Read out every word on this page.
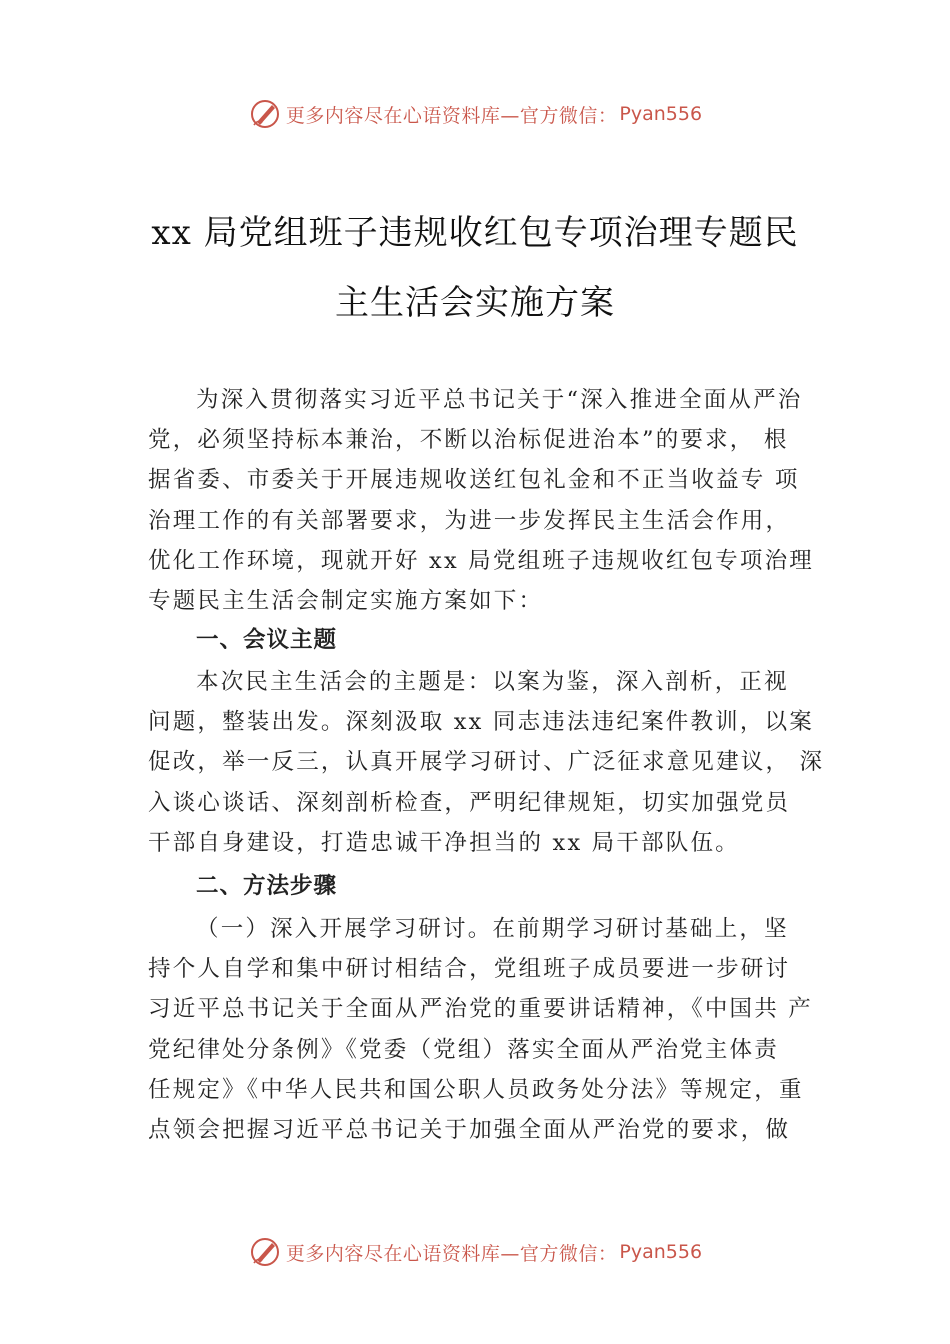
更多内容尽在心语资料库—官方微信： Pyan556
xx 局党组班子违规收红包专项治理专题民
主生活会实施方案
为深入贯彻落实习近平总书记关于“深入推进全面从严治
党，必须坚持标本兼治，不断以治标促进治本”的要求， 根
据省委、市委关于开展违规收送红包礼金和不正当收益专 项
治理工作的有关部署要求，为进一步发挥民主生活会作用，
优化工作环境，现就开好 xx 局党组班子违规收红包专项治理
专题民主生活会制定实施方案如下：
一、会议主题
本次民主生活会的主题是：以案为鉴，深入剖析，正视
问题，整装出发。深刻汲取 xx 同志违法违纪案件教训，以案
促改，举一反三，认真开展学习研讨、广泛征求意见建议， 深
入谈心谈话、深刻剖析检查，严明纪律规矩，切实加强党员
干部自身建设，打造忠诚干净担当的 xx 局干部队伍。
二、方法步骤
（一）深入开展学习研讨。在前期学习研讨基础上，坚
持个人自学和集中研讨相结合，党组班子成员要进一步研讨
习近平总书记关于全面从严治党的重要讲话精神，《中国共 产
党纪律处分条例》《党委（党组）落实全面从严治党主体责
任规定》《中华人民共和国公职人员政务处分法》等规定，重
点领会把握习近平总书记关于加强全面从严治党的要求，做
更多内容尽在心语资料库—官方微信： Pyan556
